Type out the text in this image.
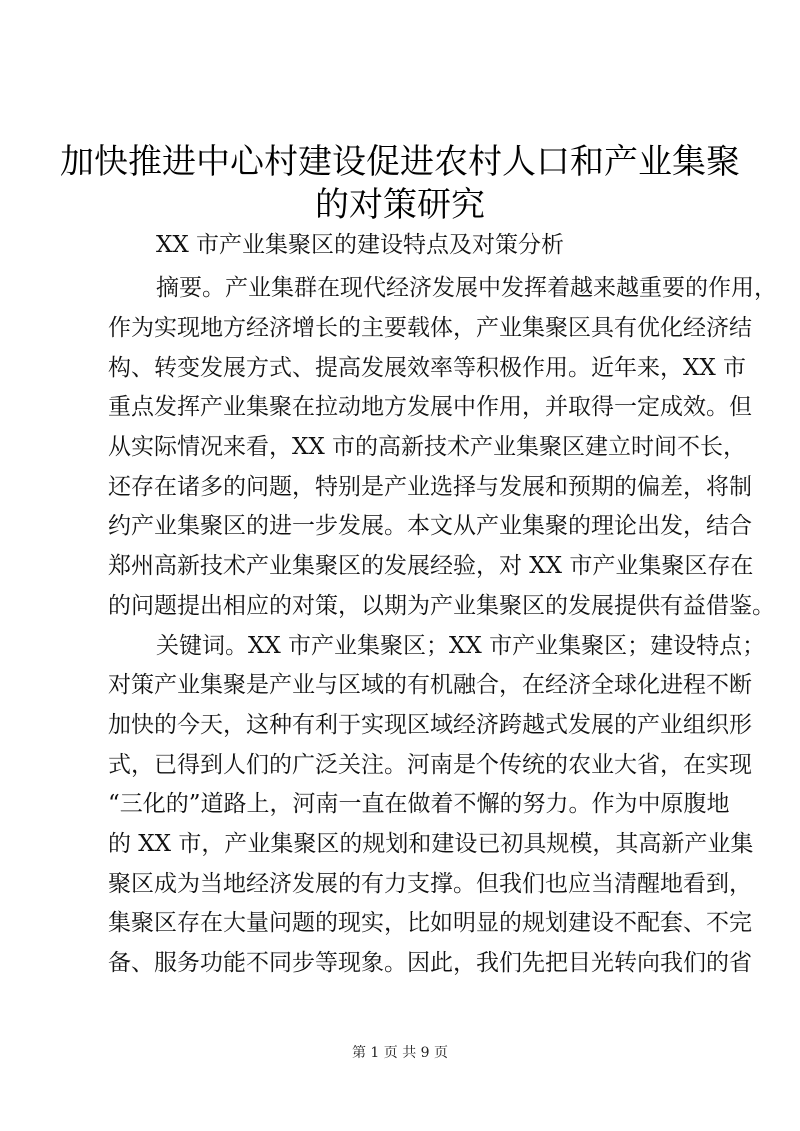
加快推进中心村建设促进农村人口和产业集聚
的对策研究
XX 市产业集聚区的建设特点及对策分析
摘要。产业集群在现代经济发展中发挥着越来越重要的作用，
作为实现地方经济增长的主要载体，产业集聚区具有优化经济结
构、转变发展方式、提高发展效率等积极作用。近年来，XX 市
重点发挥产业集聚在拉动地方发展中作用，并取得一定成效。但
从实际情况来看，XX 市的高新技术产业集聚区建立时间不长，
还存在诸多的问题，特别是产业选择与发展和预期的偏差，将制
约产业集聚区的进一步发展。本文从产业集聚的理论出发，结合
郑州高新技术产业集聚区的发展经验，对 XX 市产业集聚区存在
的问题提出相应的对策，以期为产业集聚区的发展提供有益借鉴。
关键词。XX 市产业集聚区；XX 市产业集聚区；建设特点；
对策产业集聚是产业与区域的有机融合，在经济全球化进程不断
加快的今天，这种有利于实现区域经济跨越式发展的产业组织形
式，已得到人们的广泛关注。河南是个传统的农业大省，在实现
“三化的”道路上，河南一直在做着不懈的努力。作为中原腹地
的 XX 市，产业集聚区的规划和建设已初具规模，其高新产业集
聚区成为当地经济发展的有力支撑。但我们也应当清醒地看到，
集聚区存在大量问题的现实，比如明显的规划建设不配套、不完
备、服务功能不同步等现象。因此，我们先把目光转向我们的省
第 1 页 共 9 页
